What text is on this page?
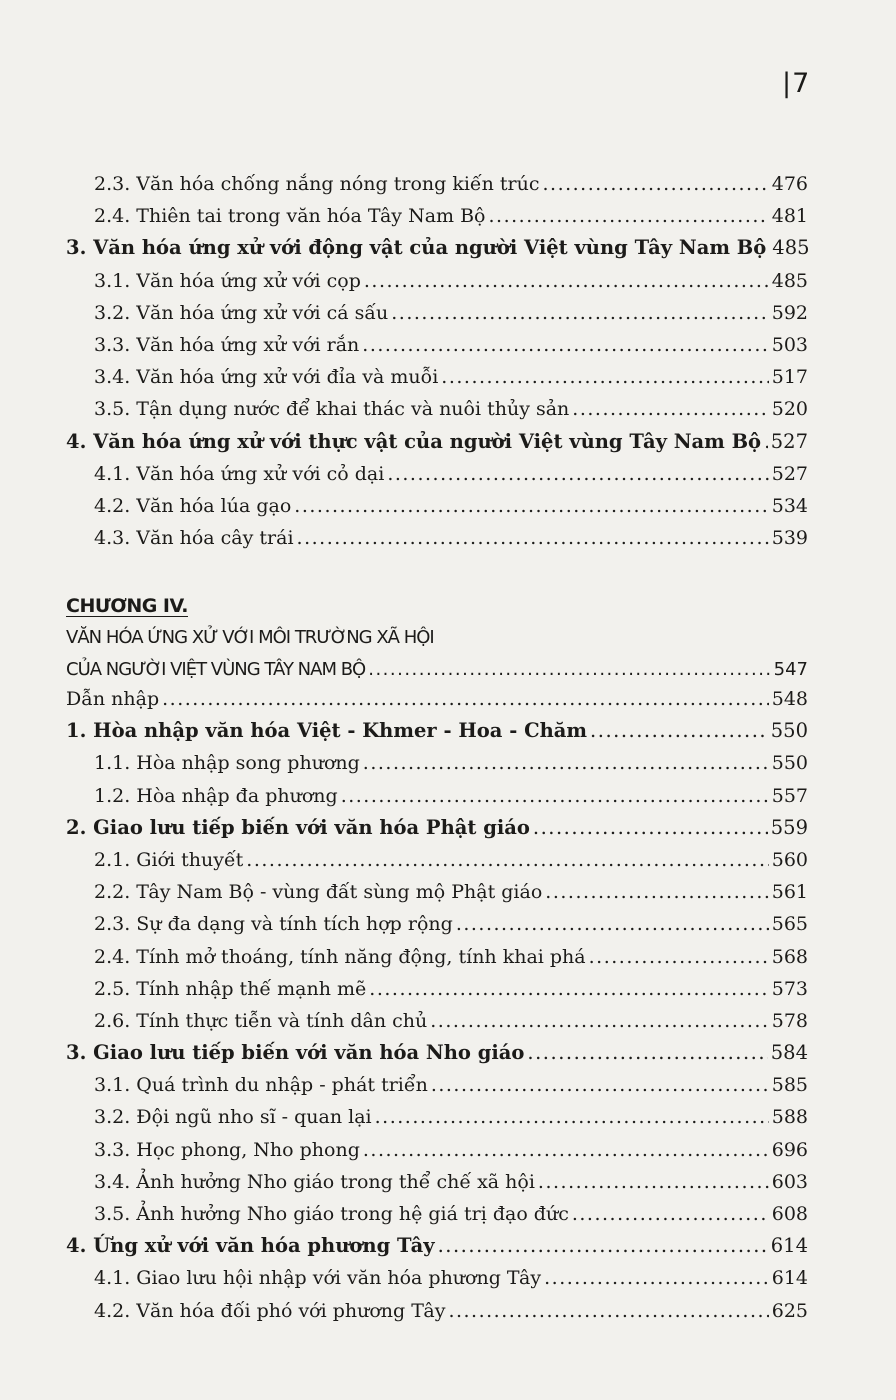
|7
2.3. Văn hóa chống nắng nóng trong kiến trúc .....	476
2.4. Thiên tai trong văn hóa Tây Nam Bộ .....	481
3. Văn hóa ứng xử với động vật của người Việt vùng Tây Nam Bộ 485
3.1. Văn hóa ứng xử với cọp .....	485
3.2. Văn hóa ứng xử với cá sấu .....	592
3.3. Văn hóa ứng xử với rắn .....	503
3.4. Văn hóa ứng xử với đỉa và muỗi .....	517
3.5. Tận dụng nước để khai thác và nuôi thủy sản .....	520
4. Văn hóa ứng xử với thực vật của người Việt vùng Tây Nam Bộ ..... 527
4.1. Văn hóa ứng xử với cỏ dại .....	527
4.2. Văn hóa lúa gạo .....	534
4.3. Văn hóa cây trái .....	539
CHƯƠNG IV.
VĂN HÓA ỨNG XỬ VỚI MÔI TRƯỜNG XÃ HỘI
CỦA NGƯỜI VIỆT VÙNG TÂY NAM BỘ .....	547
Dẫn nhập .....	548
1. Hòa nhập văn hóa Việt - Khmer - Hoa - Chăm .....	550
1.1. Hòa nhập song phương .....	550
1.2. Hòa nhập đa phương .....	557
2. Giao lưu tiếp biến với văn hóa Phật giáo .....	559
2.1. Giới thuyết .....	560
2.2. Tây Nam Bộ - vùng đất sùng mộ Phật giáo .....	561
2.3. Sự đa dạng và tính tích hợp rộng .....	565
2.4. Tính mở thoáng, tính năng động, tính khai phá .....	568
2.5. Tính nhập thế mạnh mẽ .....	573
2.6. Tính thực tiễn và tính dân chủ .....	578
3. Giao lưu tiếp biến với văn hóa Nho giáo .....	584
3.1. Quá trình du nhập - phát triển .....	585
3.2. Đội ngũ nho sĩ - quan lại .....	588
3.3. Học phong, Nho phong .....	696
3.4. Ảnh hưởng Nho giáo trong thể chế xã hội .....	603
3.5. Ảnh hưởng Nho giáo trong hệ giá trị đạo đức .....	608
4. Ứng xử với văn hóa phương Tây .....	614
4.1. Giao lưu hội nhập với văn hóa phương Tây .....	614
4.2. Văn hóa đối phó với phương Tây .....	625
